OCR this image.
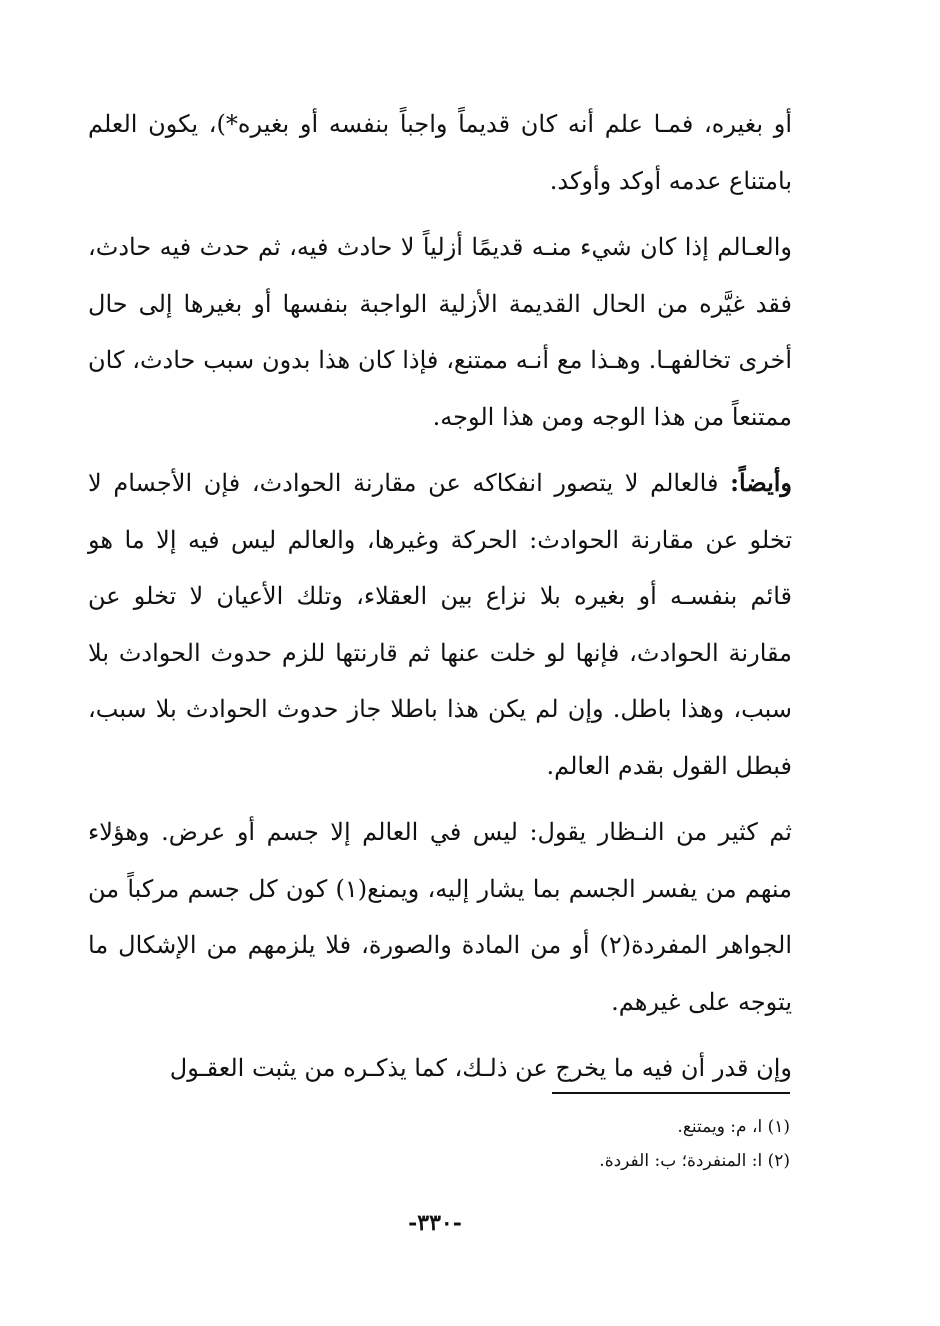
أو بغيره، فمـا علم أنه كان قديماً واجباً بنفسه أو بغيره*)، يكون العلم بامتناع عدمه أوكد وأوكد.

والعـالم إذا كان شيء منـه قديمًا أزلياً لا حادث فيه، ثم حدث فيه حادث، فقد غيَّره من الحال القديمة الأزلية الواجبة بنفسها أو بغيرها إلى حال أخرى تخالفهـا. وهـذا مع أنـه ممتنع، فإذا كان هذا بدون سبب حادث، كان ممتنعاً من هذا الوجه ومن هذا الوجه.

وأيضاً: فالعالم لا يتصور انفكاكه عن مقارنة الحوادث، فإن الأجسام لا تخلو عن مقارنة الحوادث: الحركة وغيرها، والعالم ليس فيه إلا ما هو قائم بنفسـه أو بغيره بلا نزاع بين العقلاء، وتلك الأعيان لا تخلو عن مقارنة الحوادث، فإنها لو خلت عنها ثم قارنتها للزم حدوث الحوادث بلا سبب، وهذا باطل. وإن لم يكن هذا باطلا جاز حدوث الحوادث بلا سبب، فبطل القول بقدم العالم.

ثم كثير من النـظار يقول: ليس في العالم إلا جسم أو عرض. وهؤلاء منهم من يفسر الجسم بما يشار إليه، ويمنع(١) كون كل جسم مركباً من الجواهر المفردة(٢) أو من المادة والصورة، فلا يلزمهم من الإشكال ما يتوجه على غيرهم.

وإن قدر أن فيه ما يخرج عن ذلـك، كما يذكـره من يثبت العقـول

(١) ا، م: ويمتنع.

(٢) ا: المنفردة؛ ب: الفردة.

-٣٣٠-
